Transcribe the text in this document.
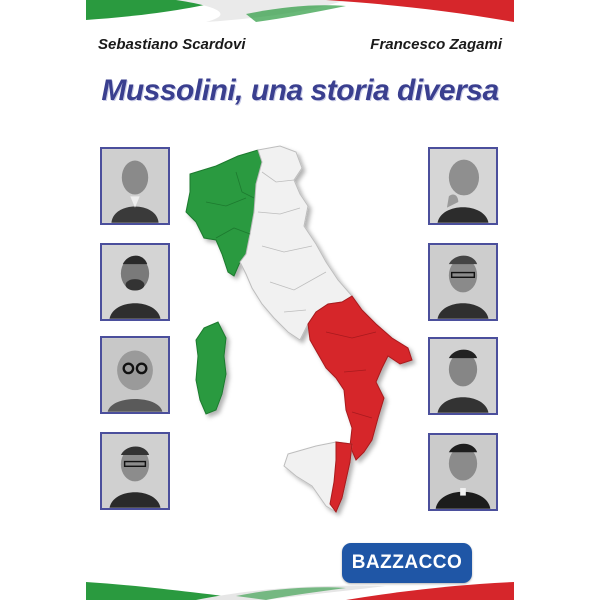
Sebastiano Scardovi	Francesco Zagami
Mussolini, una storia diversa
BAZZACCO
